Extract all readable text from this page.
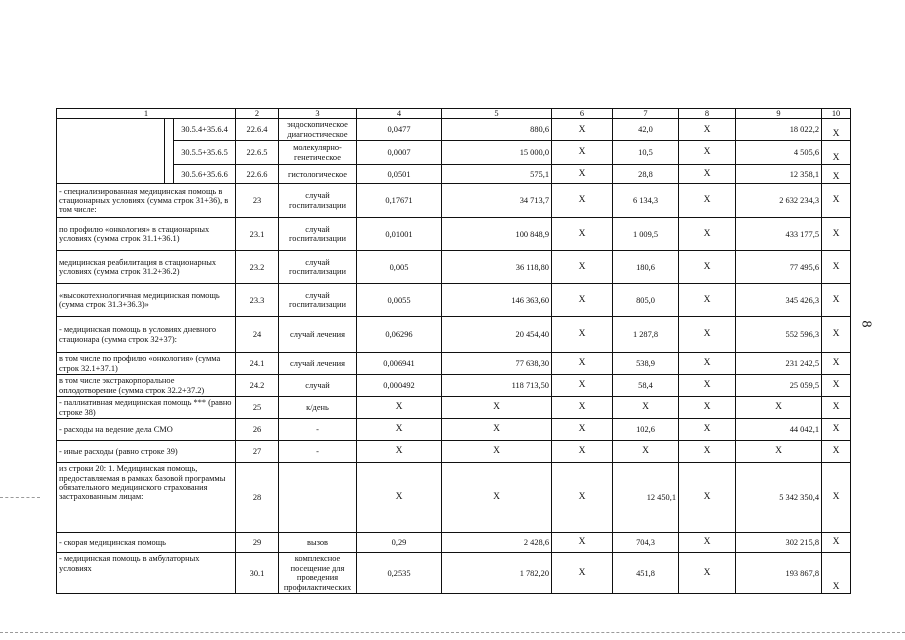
8
1			2	3	4	5	6	7	8	9	10
		30.5.4+35.6.4	22.6.4	эндоскопическое диагностическое	0,0477	880,6	X	42,0	X	18 022,2	X
		30.5.5+35.6.5	22.6.5	молекулярно-генетическое	0,0007	15 000,0	X	10,5	X	4 505,6	X
		30.5.6+35.6.6	22.6.6	гистологическое	0,0501	575,1	X	28,8	X	12 358,1	X
- специализированная медицинская помощь в стационарных условиях (сумма строк 31+36), в том числе:			23	случай госпитализации	0,17671	34 713,7	X	6 134,3	X	2 632 234,3	X
по профилю «онкология» в стационарных условиях (сумма строк 31.1+36.1)			23.1	случай госпитализации	0,01001	100 848,9	X	1 009,5	X	433 177,5	X
медицинская реабилитация в стационарных условиях (сумма строк 31.2+36.2)			23.2	случай госпитализации	0,005	36 118,80	X	180,6	X	77 495,6	X
«высокотехнологичная медицинская помощь (сумма строк 31.3+36.3)»			23.3	случай госпитализации	0,0055	146 363,60	X	805,0	X	345 426,3	X
- медицинская помощь в условиях дневного стационара (сумма строк 32+37):			24	случай лечения	0,06296	20 454,40	X	1 287,8	X	552 596,3	X
в том числе по профилю «онкология» (сумма строк 32.1+37.1)			24.1	случай лечения	0,006941	77 638,30	X	538,9	X	231 242,5	X
в том числе экстракорпоральное оплодотворение (сумма строк 32.2+37.2)			24.2	случай	0,000492	118 713,50	X	58,4	X	25 059,5	X
- паллиативная медицинская помощь *** (равно строке 38)			25	к/день	X	X	X	X	X	X	X
- расходы на ведение дела СМО			26	-	X	X	X	102,6	X	44 042,1	X
- иные расходы (равно строке 39)			27	-	X	X	X	X	X	X	X
из строки 20: 1. Медицинская помощь, предоставляемая в рамках базовой программы обязательного медицинского страхования застрахованным лицам:			28		X	X	X	12 450,1	X	5 342 350,4	X
- скорая медицинская помощь			29	вызов	0,29	2 428,6	X	704,3	X	302 215,8	X
- медицинская помощь в амбулаторных условиях			30.1	комплексное посещение для проведения профилактических	0,2535	1 782,20	X	451,8	X	193 867,8	X
